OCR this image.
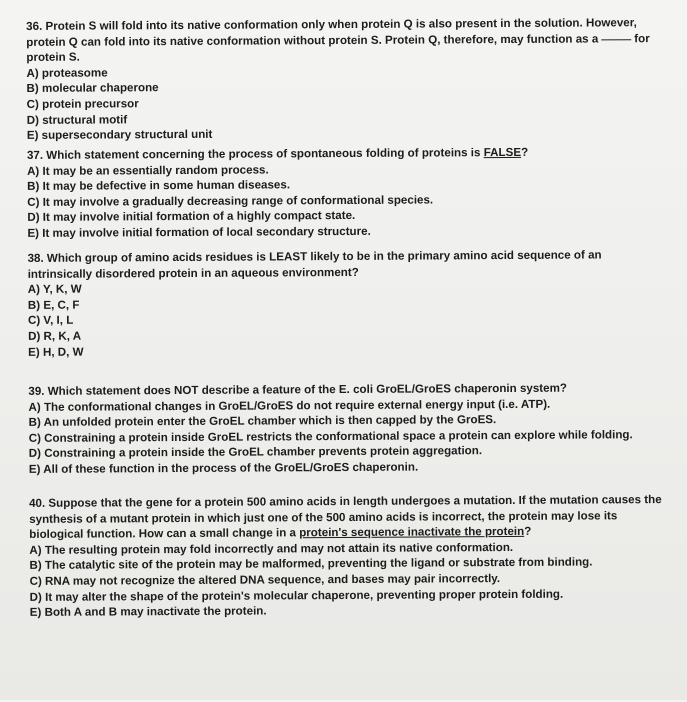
36. Protein S will fold into its native conformation only when protein Q is also present in the solution. However, protein Q can fold into its native conformation without protein S. Protein Q, therefore, may function as a	for protein S.

A) proteasome

B) molecular chaperone

C) protein precursor

D) structural motif

E) supersecondary structural unit

37. Which statement concerning the process of spontaneous folding of proteins is FALSE?

A) It may be an essentially random process.

B) It may be defective in some human diseases.

C) It may involve a gradually decreasing range of conformational species.

D) It may involve initial formation of a highly compact state.

E) It may involve initial formation of local secondary structure.

38. Which group of amino acids residues is LEAST likely to be in the primary amino acid sequence of an intrinsically disordered protein in an aqueous environment?

A) Y, K, W

B) E, C, F

C) V, I, L

D) R, K, A

E) H, D, W

39. Which statement does NOT describe a feature of the E. coli GroEL/GroES chaperonin system?

A) The conformational changes in GroEL/GroES do not require external energy input (i.e. ATP).

B) An unfolded protein enter the GroEL chamber which is then capped by the GroES.

C) Constraining a protein inside GroEL restricts the conformational space a protein can explore while folding.

D) Constraining a protein inside the GroEL chamber prevents protein aggregation.

E) All of these function in the process of the GroEL/GroES chaperonin.

40. Suppose that the gene for a protein 500 amino acids in length undergoes a mutation. If the mutation causes the synthesis of a mutant protein in which just one of the 500 amino acids is incorrect, the protein may lose its biological function. How can a small change in a protein's sequence inactivate the protein?

A) The resulting protein may fold incorrectly and may not attain its native conformation.

B) The catalytic site of the protein may be malformed, preventing the ligand or substrate from binding.

C) RNA may not recognize the altered DNA sequence, and bases may pair incorrectly.

D) It may alter the shape of the protein's molecular chaperone, preventing proper protein folding.

E) Both A and B may inactivate the protein.
